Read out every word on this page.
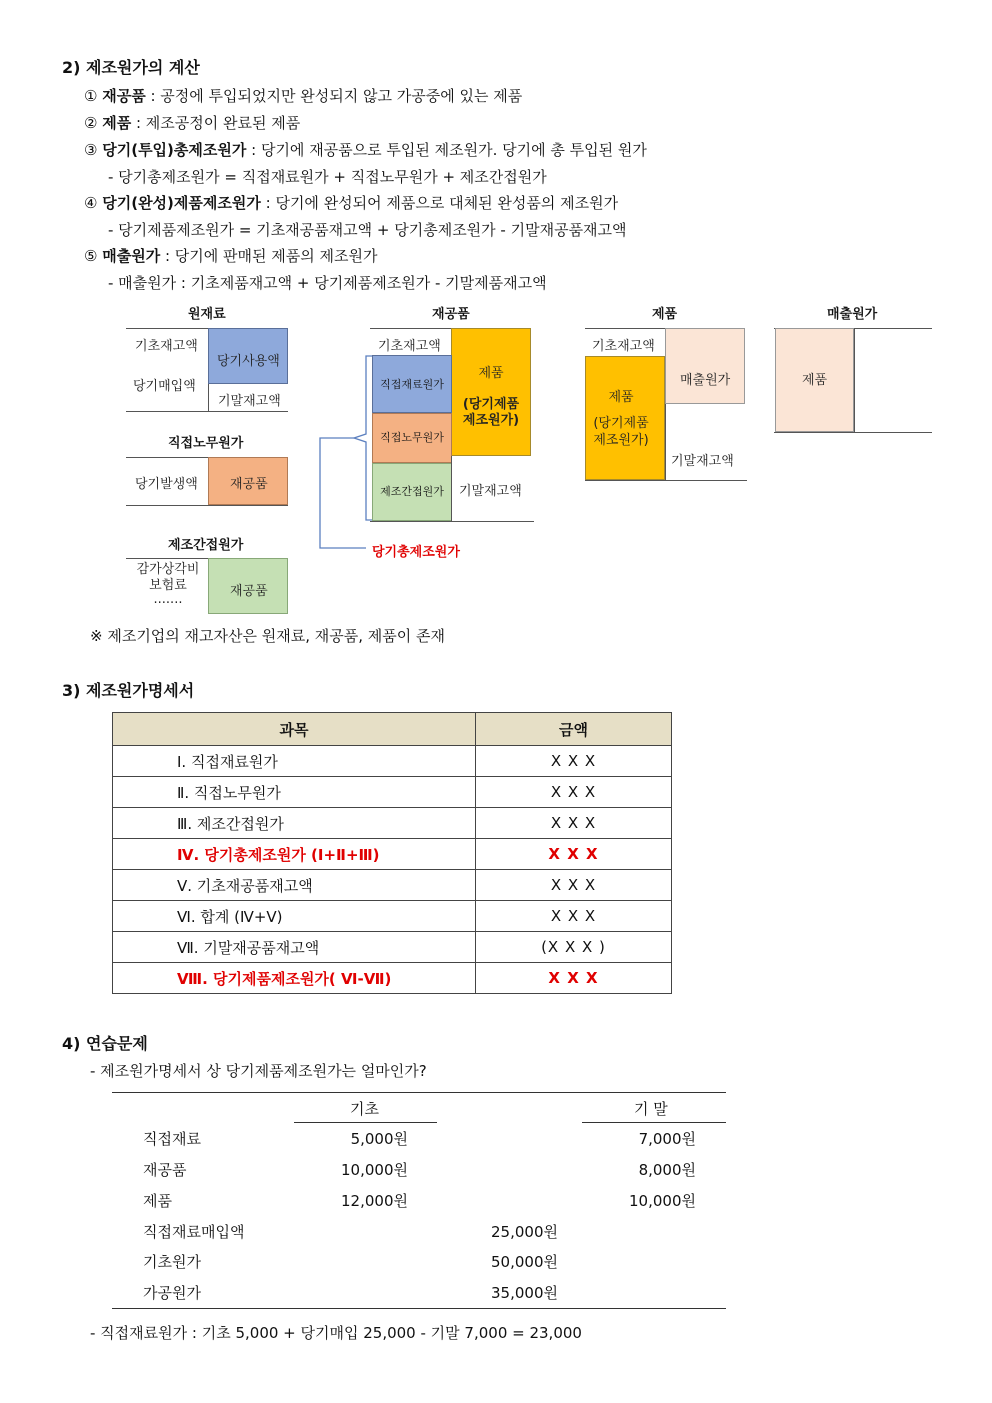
2) 제조원가의 계산
① 재공품 : 공정에 투입되었지만 완성되지 않고 가공중에 있는 제품
② 제품 : 제조공정이 완료된 제품
③ 당기(투입)총제조원가 : 당기에 재공품으로 투입된 제조원가. 당기에 총 투입된 원가
- 당기총제조원가 = 직접재료원가 + 직접노무원가 + 제조간접원가
④ 당기(완성)제품제조원가 : 당기에 완성되어 제품으로 대체된 완성품의 제조원가
- 당기제품제조원가 = 기초재공품재고액 + 당기총제조원가 - 기말재공품재고액
⑤ 매출원가 : 당기에 판매된 제품의 제조원가
- 매출원가 : 기초제품재고액 + 당기제품제조원가 - 기말제품재고액
원재료
기초재고액
당기매입액
당기사용액
기말재고액
직접노무원가
당기발생액 재공품
제조간접원가
감가상각비
보험료
.......	재공품
재공품
기초재고액
제품
(당기제품
제조원가)
직접재료원가
직접노무원가
제조간접원가	기말재고액
당기총제조원가
제품
기초재고액
매출원가
제품
(당기제품
제조원가)
기말재고액
매출원가
제품
※ 제조기업의 재고자산은 원재료, 재공품, 제품이 존재
3) 제조원가명세서
과목	금액
Ⅰ. 직접재료원가	X X X
Ⅱ. 직접노무원가	X X X
Ⅲ. 제조간접원가	X X X
Ⅳ. 당기총제조원가 (Ⅰ+Ⅱ+Ⅲ)	X X X
Ⅴ. 기초재공품재고액	X X X
Ⅵ. 합계 (Ⅳ+Ⅴ)	X X X
Ⅶ. 기말재공품재고액	(X X X )
Ⅷ. 당기제품제조원가( Ⅵ-Ⅶ)	X X X
4) 연습문제
- 제조원가명세서 상 당기제품제조원가는 얼마인가?
기초	기 말
직접재료	5,000원	7,000원
재공품	10,000원	8,000원
제품	12,000원	10,000원
직접재료매입액	25,000원
기초원가	50,000원
가공원가	35,000원
- 직접재료원가 : 기초 5,000 + 당기매입 25,000 - 기말 7,000 = 23,000
